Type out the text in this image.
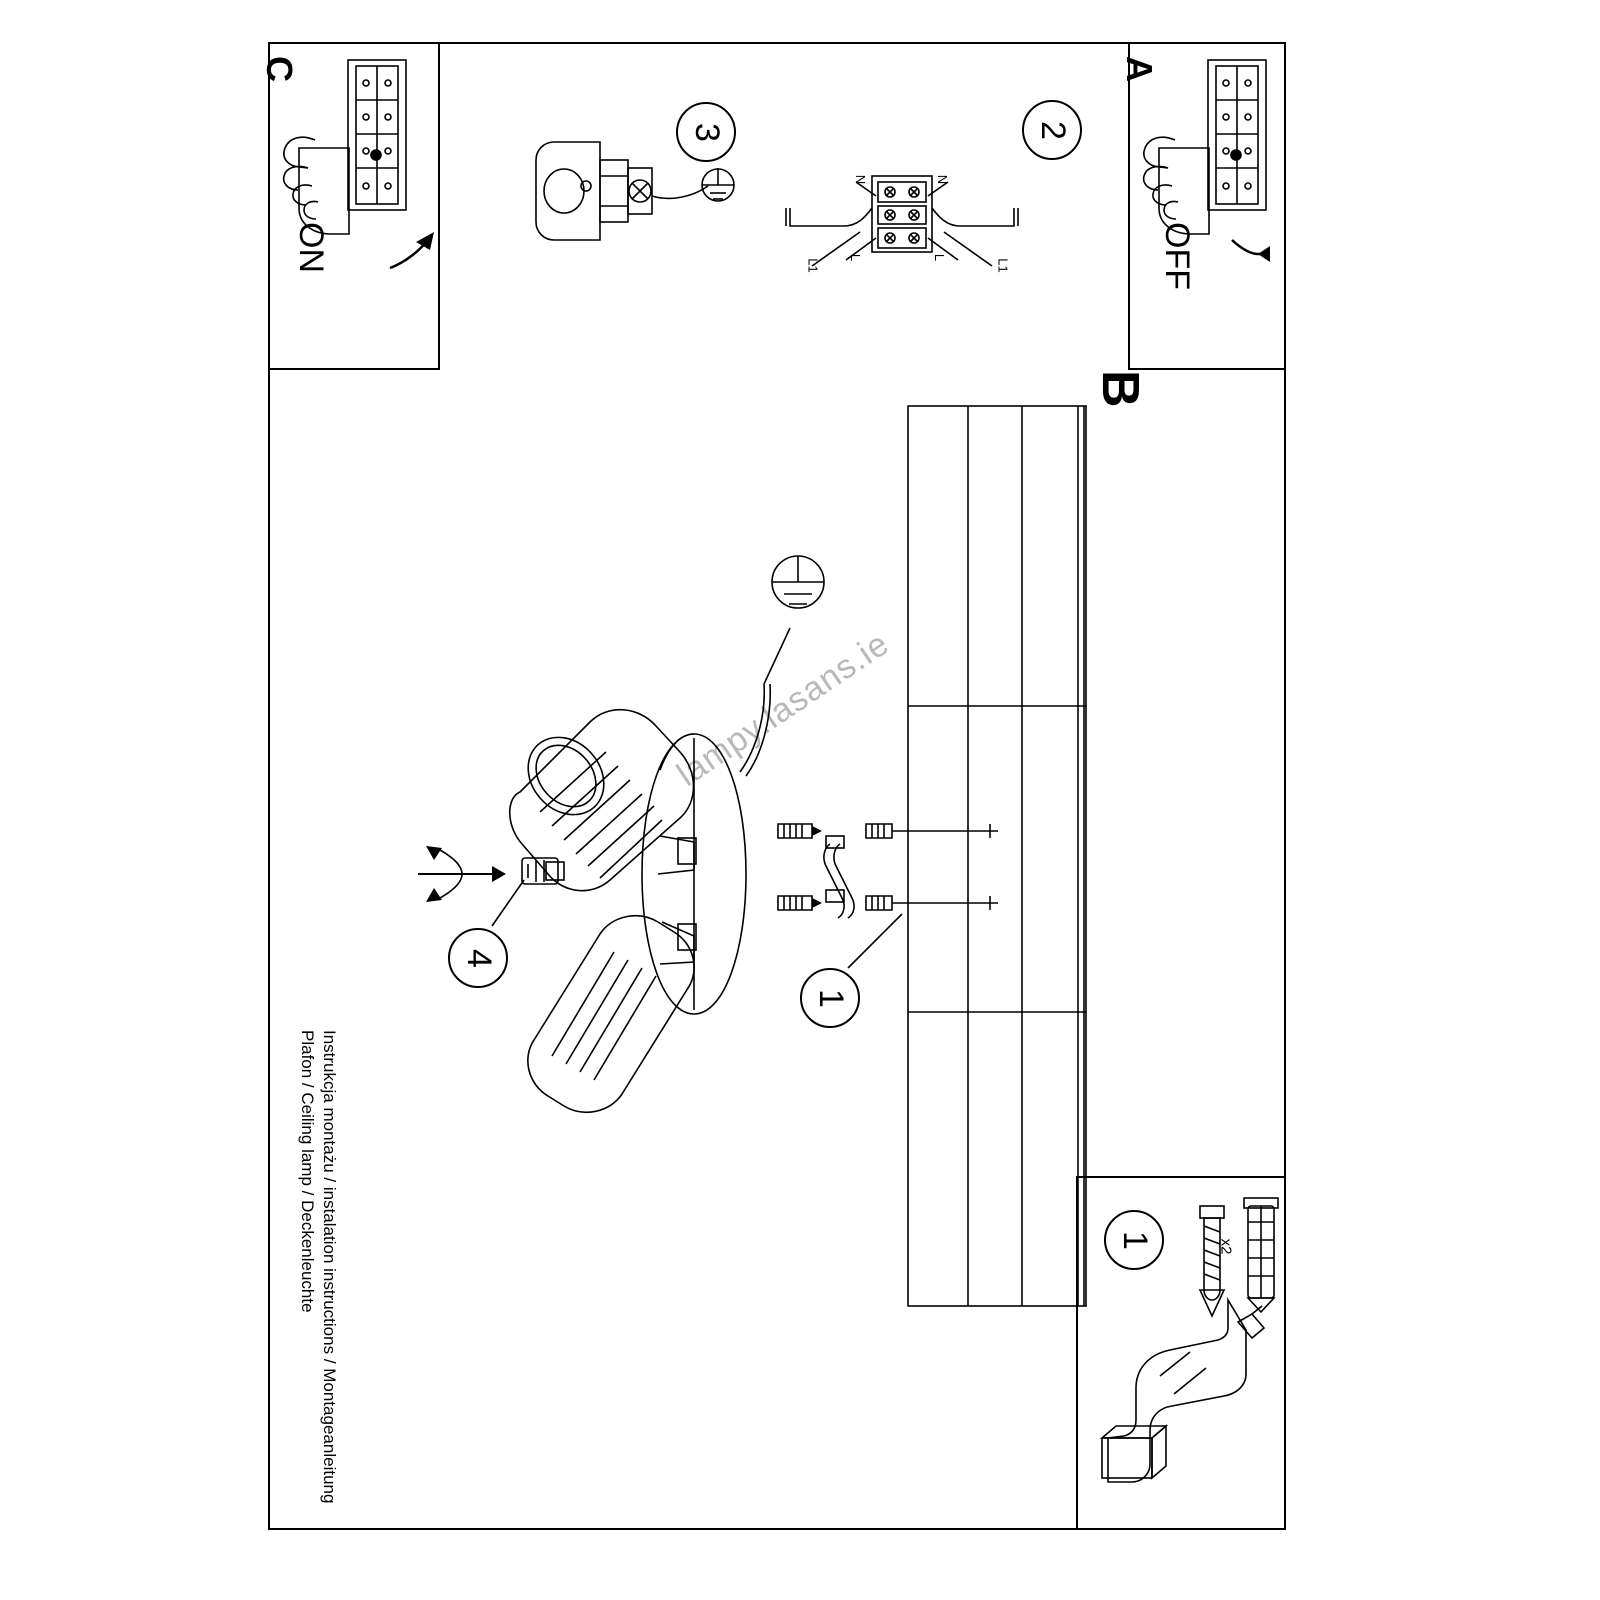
A
C
B
OFF
ON
Instrukcja montażu / instalation instructions / Montageanleitung
Plafon / Ceiling lamp / Deckenleuchte
2
3
4
1
1
lampy.lasans.ie
x2
N	N
L	L
L1	L1
